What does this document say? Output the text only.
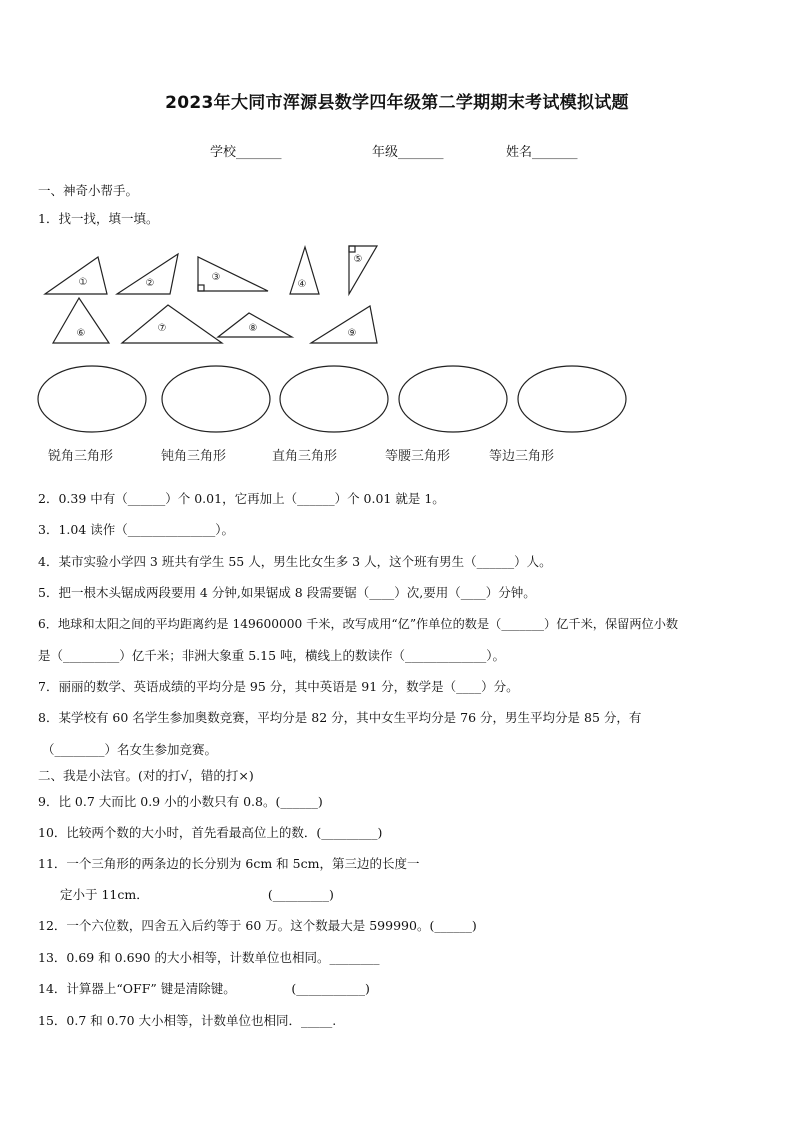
2023年大同市浑源县数学四年级第二学期期末考试模拟试题
学校_______	年级_______	姓名_______
一、神奇小帮手。
1．找一找，填一填。
①	②
③
④
⑤
⑥	⑦	⑧	⑨
锐角三角形	钝角三角形	直角三角形	等腰三角形	等边三角形
2．0.39 中有（______）个 0.01，它再加上（______）个 0.01 就是 1。
3．1.04 读作（______________）。
4．某市实验小学四 3 班共有学生 55 人，男生比女生多 3 人，这个班有男生（______）人。
5．把一根木头锯成两段要用 4 分钟,如果锯成 8 段需要锯（____）次,要用（____）分钟。
6．地球和太阳之间的平均距离约是 149600000 千米，改写成用“亿”作单位的数是（_______）亿千米，保留两位小数
是（_________）亿千米；非洲大象重 5.15 吨，横线上的数读作（_____________）。
7．丽丽的数学、英语成绩的平均分是 95 分，其中英语是 91 分，数学是（____）分。
8．某学校有 60 名学生参加奥数竞赛，平均分是 82 分，其中女生平均分是 76 分，男生平均分是 85 分，有
（________）名女生参加竞赛。
二、我是小法官。(对的打√，错的打×)
9．比 0.7 大而比 0.9 小的小数只有 0.8。(______)
10．比较两个数的大小时，首先看最高位上的数．(_________)
11．一个三角形的两条边的长分别为 6cm 和 5cm，第三边的长度一
定小于 11cm．                              (_________)
12．一个六位数，四舍五入后约等于 60 万。这个数最大是 599990。(______)
13．0.69 和 0.690 的大小相等，计数单位也相同。________
14．计算器上“OFF” 键是清除键。              (___________)
15．0.7 和 0.70 大小相等，计数单位也相同．_____.
